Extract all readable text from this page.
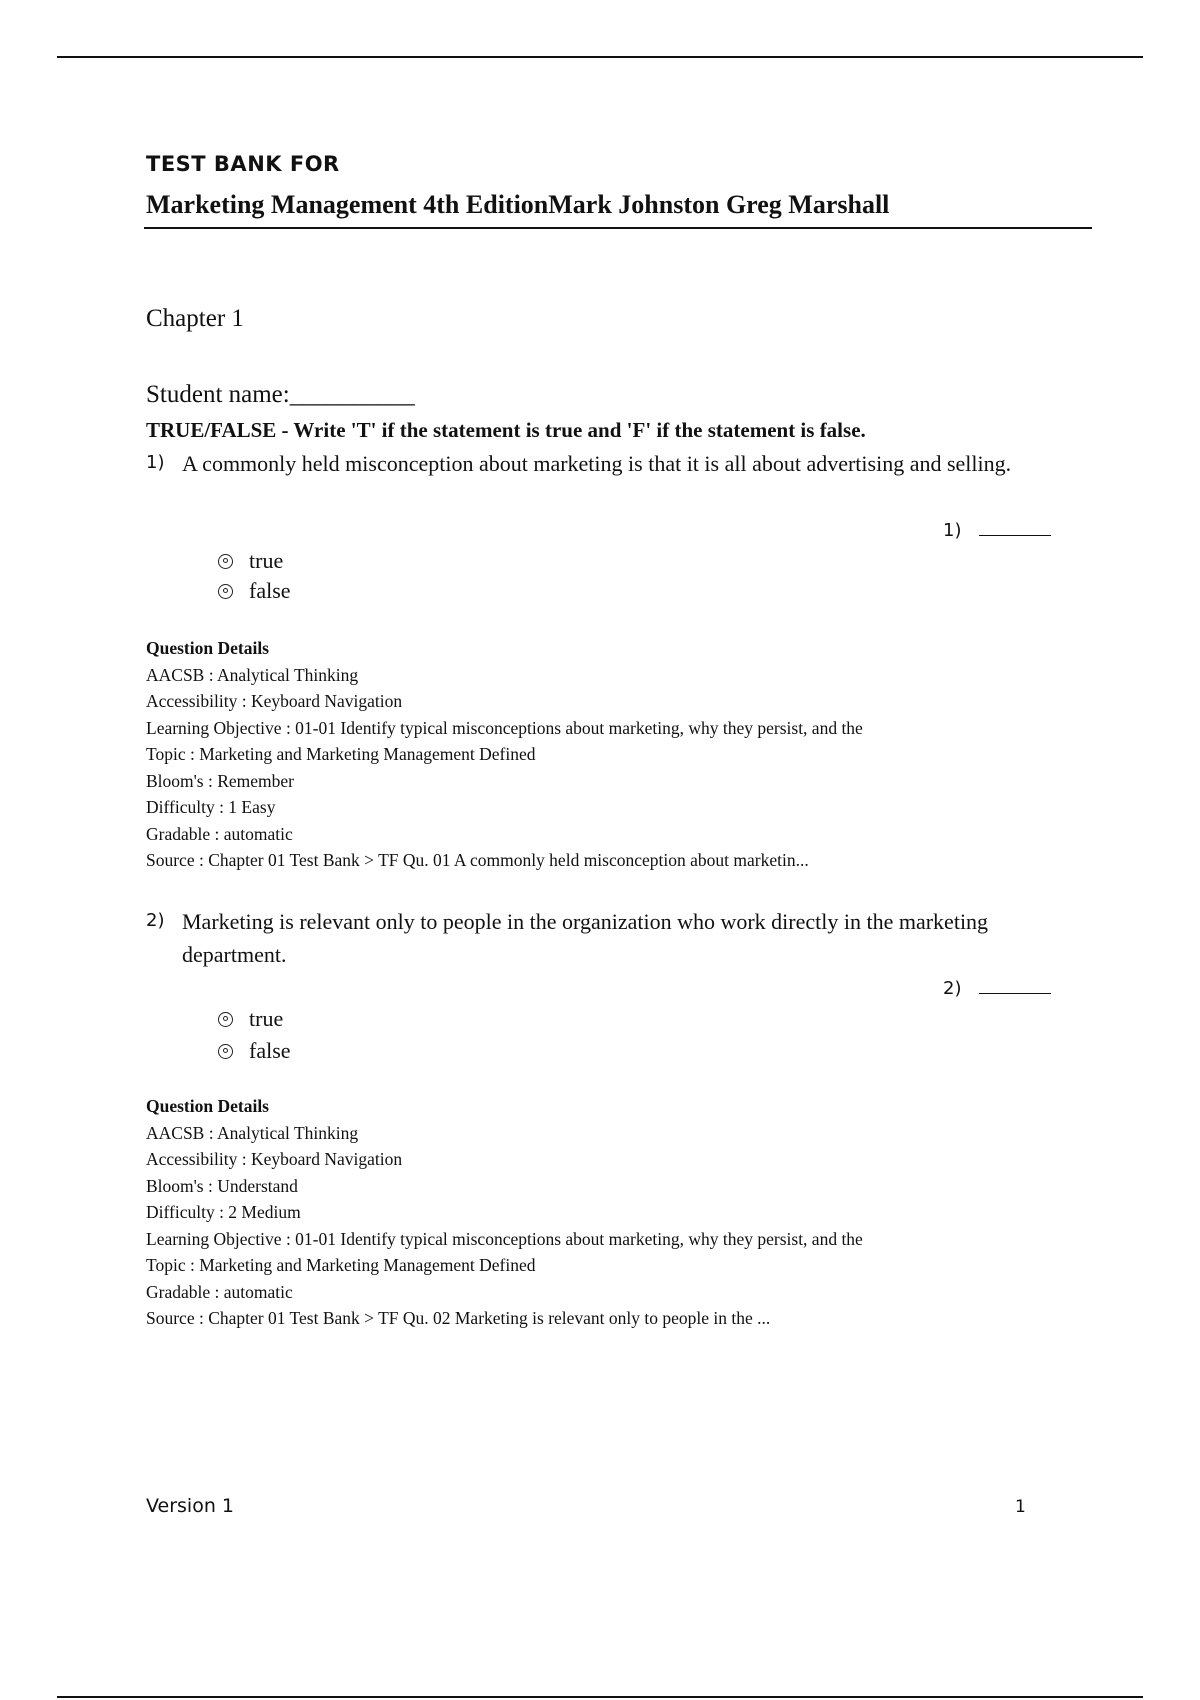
TEST BANK FOR
Marketing Management 4th EditionMark Johnston Greg Marshall
Chapter 1
Student name:__________
TRUE/FALSE - Write 'T' if the statement is true and 'F' if the statement is false.
1) A commonly held misconception about marketing is that it is all about advertising and selling.
1)
true
false
Question Details
AACSB : Analytical Thinking
Accessibility : Keyboard Navigation
Learning Objective : 01-01 Identify typical misconceptions about marketing, why they persist, and the
Topic : Marketing and Marketing Management Defined
Bloom's : Remember
Difficulty : 1 Easy
Gradable : automatic
Source : Chapter 01 Test Bank > TF Qu. 01 A commonly held misconception about marketin...
2) Marketing is relevant only to people in the organization who work directly in the marketing department.
2)
true
false
Question Details
AACSB : Analytical Thinking
Accessibility : Keyboard Navigation
Bloom's : Understand
Difficulty : 2 Medium
Learning Objective : 01-01 Identify typical misconceptions about marketing, why they persist, and the
Topic : Marketing and Marketing Management Defined
Gradable : automatic
Source : Chapter 01 Test Bank > TF Qu. 02 Marketing is relevant only to people in the ...
Version 1	1
